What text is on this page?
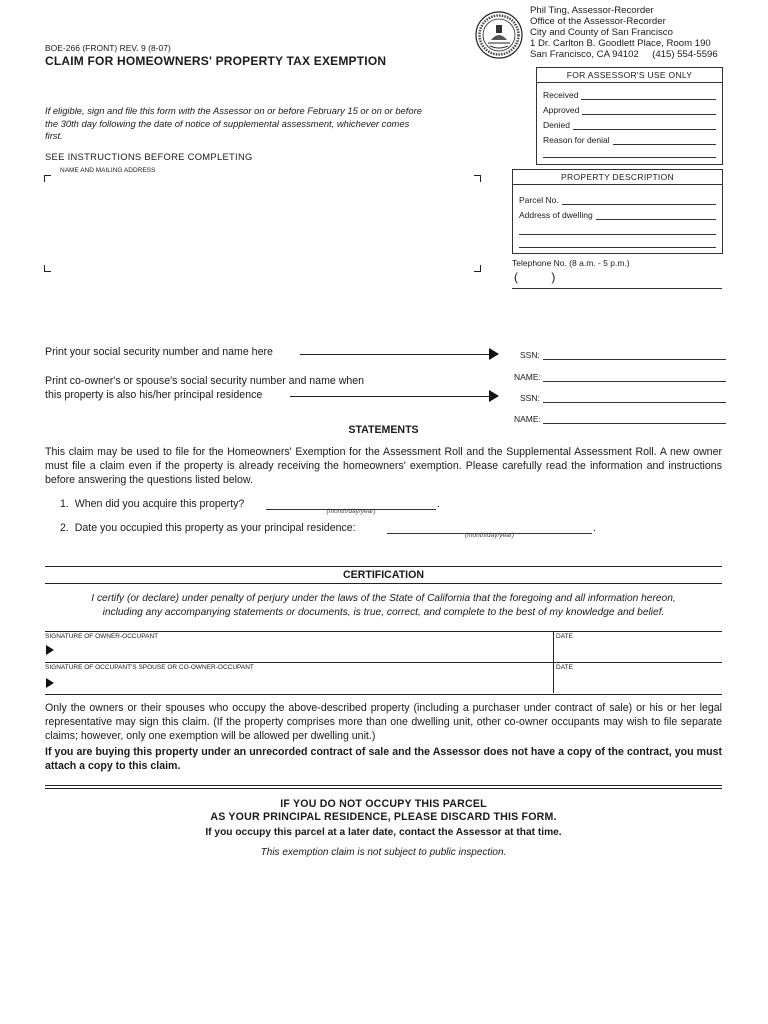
Phil Ting, Assessor-Recorder
Office of the Assessor-Recorder
City and County of San Francisco
1 Dr. Carlton B. Goodlett Place, Room 190
San Francisco, CA 94102     (415) 554-5596
BOE-266 (FRONT) REV. 9 (8-07)
CLAIM FOR HOMEOWNERS' PROPERTY TAX EXEMPTION
If eligible, sign and file this form with the Assessor on or before February 15 or on or before the 30th day following the date of notice of supplemental assessment, whichever comes first.
SEE INSTRUCTIONS BEFORE COMPLETING
NAME AND MAILING ADDRESS
FOR ASSESSOR'S USE ONLY
Received
Approved
Denied
Reason for denial
PROPERTY DESCRIPTION
Parcel No.
Address of dwelling
Telephone No. (8 a.m. - 5 p.m.)
(          )
Print your social security number and name here
Print co-owner's or spouse's social security number and name when
this property is also his/her principal residence
SSN:
NAME:
SSN:
NAME:
STATEMENTS
This claim may be used to file for the Homeowners' Exemption for the Assessment Roll and the Supplemental Assessment Roll. A new owner must file a claim even if the property is already receiving the homeowners' exemption. Please carefully read the information and instructions before answering the questions listed below.
1.  When did you acquire this property?	.
(month/day/year)
2.  Date you occupied this property as your principal residence:	.
(month/day/year)
CERTIFICATION
I certify (or declare) under penalty of perjury under the laws of the State of California that the foregoing and all information hereon,
including any accompanying statements or documents, is true, correct, and complete to the best of my knowledge and belief.
SIGNATURE OF OWNER-OCCUPANT	DATE
SIGNATURE OF OCCUPANT'S SPOUSE OR CO-OWNER-OCCUPANT	DATE
Only the owners or their spouses who occupy the above-described property (including a purchaser under contract of sale) or his or her legal representative may sign this claim. (If the property comprises more than one dwelling unit, other co-owner occupants may wish to file separate claims; however, only one exemption will be allowed per dwelling unit.)
If you are buying this property under an unrecorded contract of sale and the Assessor does not have a copy of the contract, you must attach a copy to this claim.
IF YOU DO NOT OCCUPY THIS PARCEL
AS YOUR PRINCIPAL RESIDENCE, PLEASE DISCARD THIS FORM.
If you occupy this parcel at a later date, contact the Assessor at that time.
This exemption claim is not subject to public inspection.
